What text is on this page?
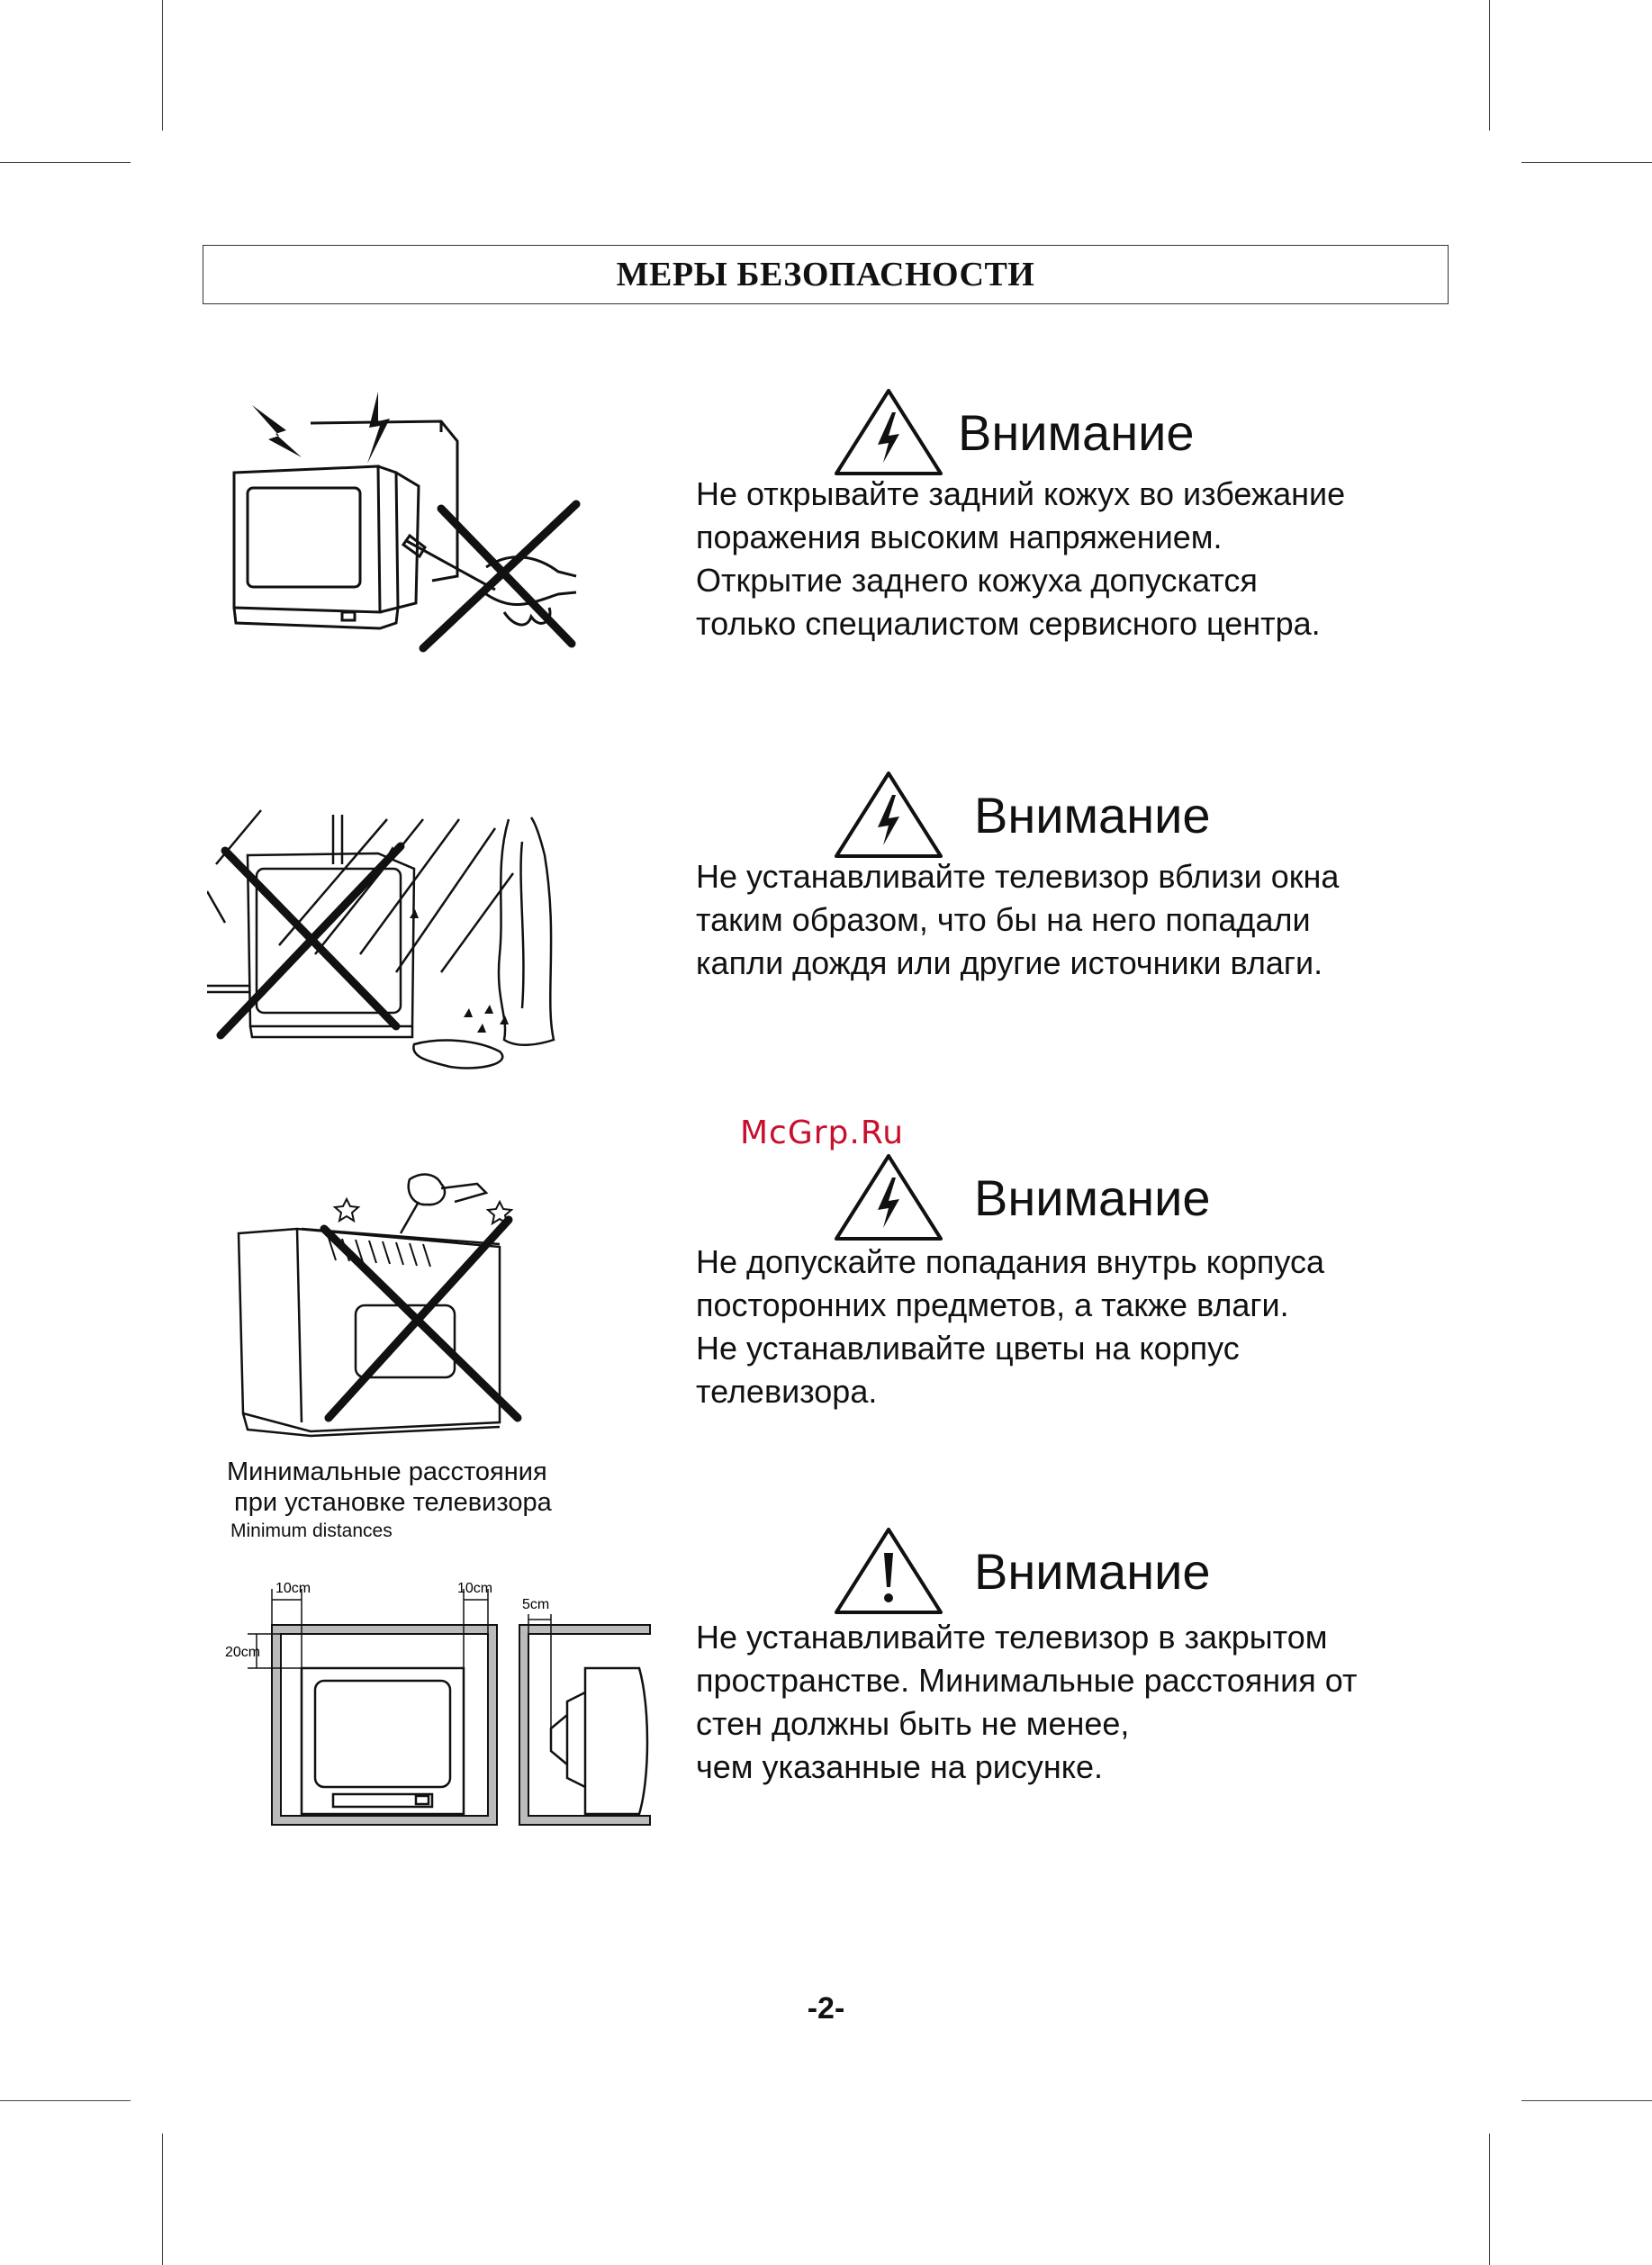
МЕРЫ БЕЗОПАСНОСТИ
10cm	10cm
5cm
20cm
Минимальные расстояния
при установке телевизора
Minimum distances
Внимание
Не открывайте задний кожух во избежание
поражения высоким напряжением.
Открытие заднего кожуха допускатся
только специалистом сервисного центра.
Внимание
Не устанавливайте телевизор вблизи окна
таким образом, что бы на него попадали
капли дождя или другие источники влаги.
McGrp.Ru
Внимание
Не допускайте попадания внутрь корпуса
посторонних предметов, а также влаги.
Не устанавливайте цветы на корпус
телевизора.
Внимание
Не устанавливайте телевизор в закрытом
пространстве. Минимальные расстояния от
стен должны быть не менее,
чем указанные на рисунке.
-2-
